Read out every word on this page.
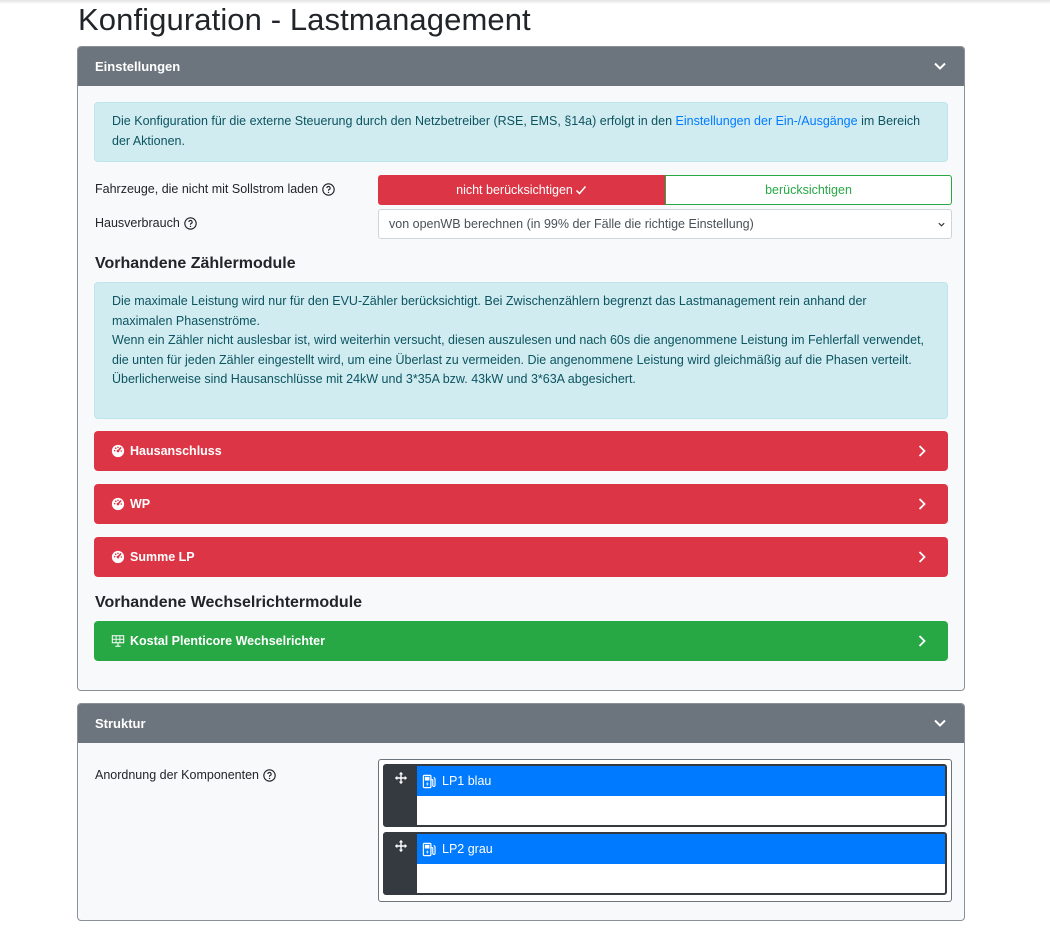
Konfiguration - Lastmanagement
Einstellungen
Die Konfiguration für die externe Steuerung durch den Netzbetreiber (RSE, EMS, §14a) erfolgt in den Einstellungen der Ein-/Ausgänge im Bereich der Aktionen.
Fahrzeuge, die nicht mit Sollstrom laden	nicht berücksichtigen	berücksichtigen
Hausverbrauch	von openWB berechnen (in 99% der Fälle die richtige Einstellung)
Vorhandene Zählermodule
Die maximale Leistung wird nur für den EVU-Zähler berücksichtigt. Bei Zwischenzählern begrenzt das Lastmanagement rein anhand der maximalen Phasenströme.
Wenn ein Zähler nicht auslesbar ist, wird weiterhin versucht, diesen auszulesen und nach 60s die angenommene Leistung im Fehlerfall verwendet, die unten für jeden Zähler eingestellt wird, um eine Überlast zu vermeiden. Die angenommene Leistung wird gleichmäßig auf die Phasen verteilt.
Überlicherweise sind Hausanschlüsse mit 24kW und 3*35A bzw. 43kW und 3*63A abgesichert.
Hausanschluss
WP
Summe LP
Vorhandene Wechselrichtermodule
Kostal Plenticore Wechselrichter
Struktur
Anordnung der Komponenten	LP1 blau
LP2 grau
